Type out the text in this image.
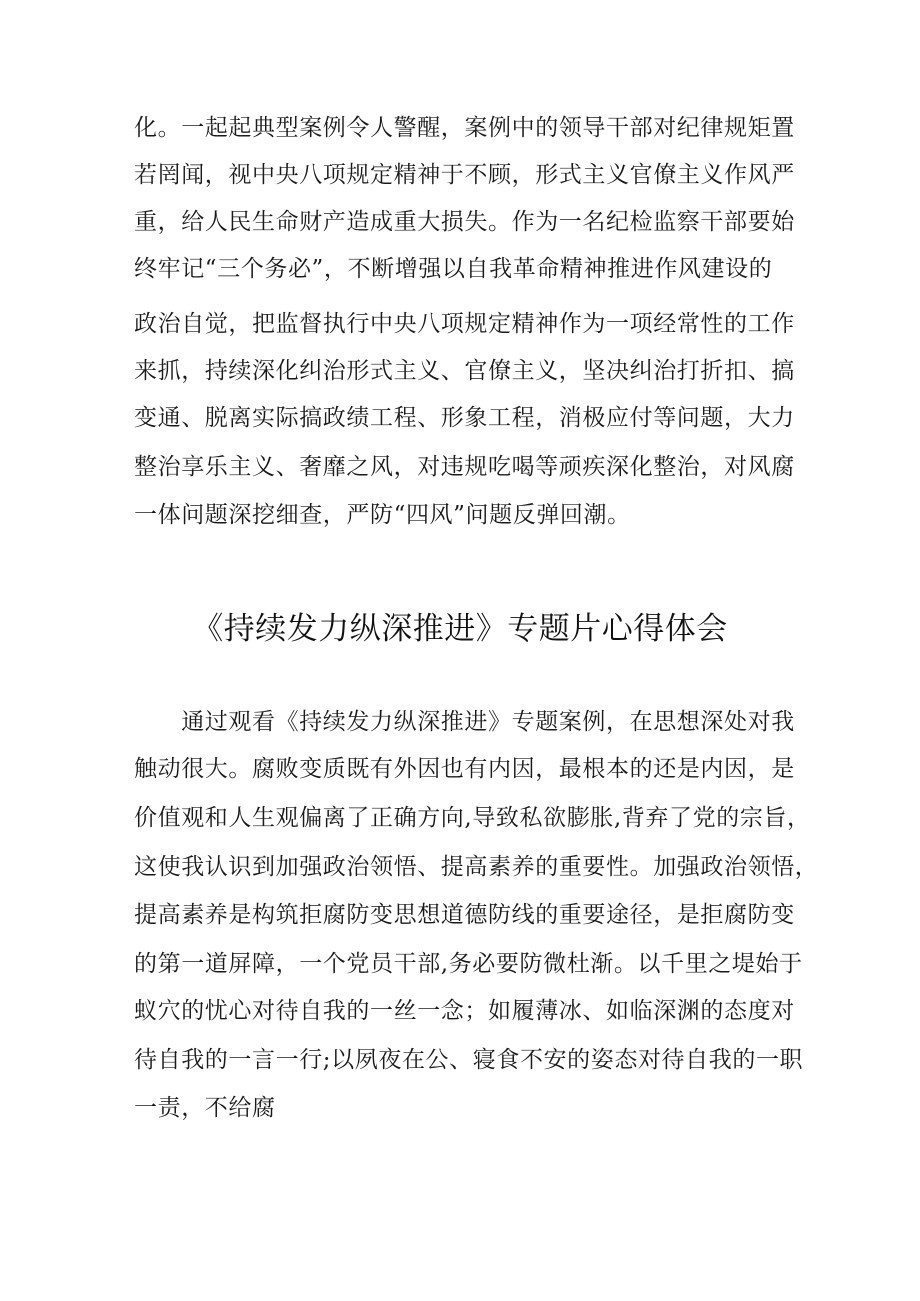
化。一起起典型案例令人警醒，案例中的领导干部对纪律规矩置
若罔闻，视中央八项规定精神于不顾，形式主义官僚主义作风严
重，给人民生命财产造成重大损失。作为一名纪检监察干部要始
终牢记“三个务必”，不断增强以自我革命精神推进作风建设的
政治自觉，把监督执行中央八项规定精神作为一项经常性的工作
来抓，持续深化纠治形式主义、官僚主义，坚决纠治打折扣、搞
变通、脱离实际搞政绩工程、形象工程，消极应付等问题，大力
整治享乐主义、奢靡之风，对违规吃喝等顽疾深化整治，对风腐
一体问题深挖细查，严防“四风”问题反弹回潮。
《持续发力纵深推进》专题片心得体会
　　通过观看《持续发力纵深推进》专题案例，在思想深处对我
触动很大。腐败变质既有外因也有内因，最根本的还是内因，是
价值观和人生观偏离了正确方向,导致私欲膨胀,背弃了党的宗旨，
这使我认识到加强政治领悟、提高素养的重要性。加强政治领悟，
提高素养是构筑拒腐防变思想道德防线的重要途径，是拒腐防变
的第一道屏障，一个党员干部,务必要防微杜渐。以千里之堤始于
蚁穴的忧心对待自我的一丝一念；如履薄冰、如临深渊的态度对
待自我的一言一行;以夙夜在公、寝食不安的姿态对待自我的一职
一责，不给腐
